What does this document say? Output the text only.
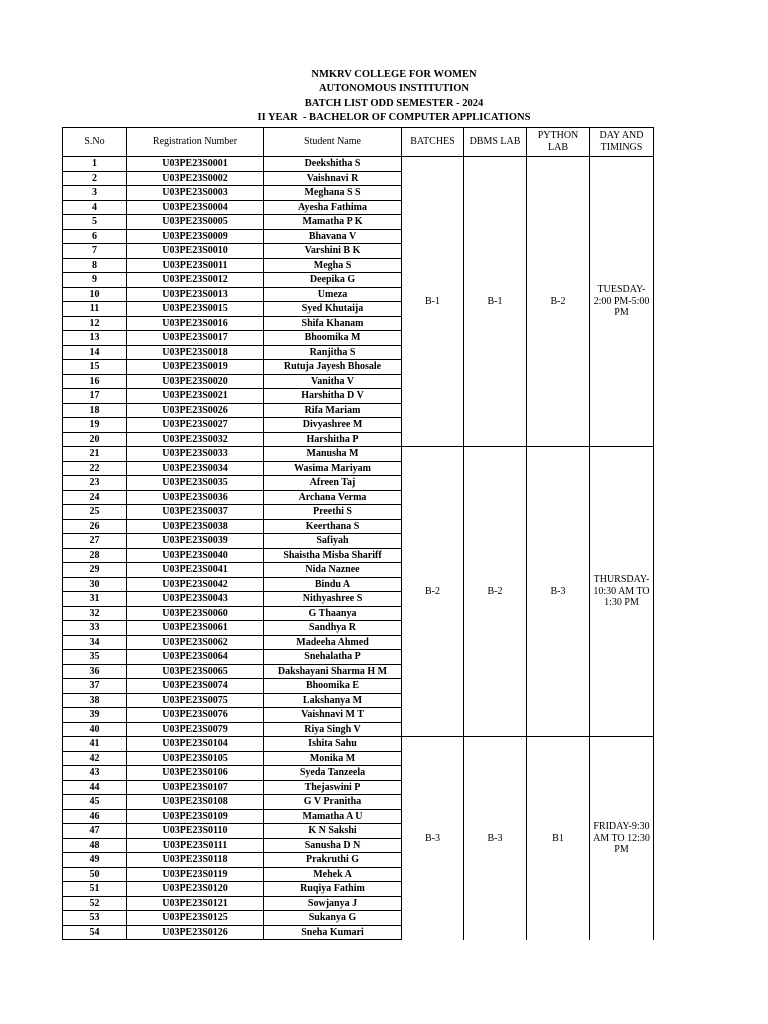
NMKRV COLLEGE FOR WOMEN
AUTONOMOUS INSTITUTION
BATCH LIST ODD SEMESTER - 2024
II YEAR  - BACHELOR OF COMPUTER APPLICATIONS
S.No	Registration Number	Student Name	BATCHES	DBMS LAB	PYTHON LAB	DAY AND TIMINGS
1	U03PE23S0001	Deekshitha S	B-1	B-1	B-2	TUESDAY-2:00 PM-5:00 PM
2	U03PE23S0002	Vaishnavi R				
3	U03PE23S0003	Meghana S S				
4	U03PE23S0004	Ayesha Fathima				
5	U03PE23S0005	Mamatha P K				
6	U03PE23S0009	Bhavana V				
7	U03PE23S0010	Varshini B K				
8	U03PE23S0011	Megha S				
9	U03PE23S0012	Deepika G				
10	U03PE23S0013	Umeza				
11	U03PE23S0015	Syed Khutaija				
12	U03PE23S0016	Shifa Khanam				
13	U03PE23S0017	Bhoomika M				
14	U03PE23S0018	Ranjitha S				
15	U03PE23S0019	Rutuja Jayesh Bhosale				
16	U03PE23S0020	Vanitha V				
17	U03PE23S0021	Harshitha D V				
18	U03PE23S0026	Rifa Mariam				
19	U03PE23S0027	Divyashree M				
20	U03PE23S0032	Harshitha P				
21	U03PE23S0033	Manusha M	B-2	B-2	B-3	THURSDAY-10:30 AM TO 1:30 PM
22	U03PE23S0034	Wasima Mariyam				
23	U03PE23S0035	Afreen Taj				
24	U03PE23S0036	Archana Verma				
25	U03PE23S0037	Preethi S				
26	U03PE23S0038	Keerthana S				
27	U03PE23S0039	Safiyah				
28	U03PE23S0040	Shaistha Misba Shariff				
29	U03PE23S0041	Nida Naznee				
30	U03PE23S0042	Bindu A				
31	U03PE23S0043	Nithyashree S				
32	U03PE23S0060	G Thaanya				
33	U03PE23S0061	Sandhya R				
34	U03PE23S0062	Madeeha Ahmed				
35	U03PE23S0064	Snehalatha P				
36	U03PE23S0065	Dakshayani Sharma H M				
37	U03PE23S0074	Bhoomika E				
38	U03PE23S0075	Lakshanya M				
39	U03PE23S0076	Vaishnavi M T				
40	U03PE23S0079	Riya Singh V				
41	U03PE23S0104	Ishita Sahu	B-3	B-3	B1	FRIDAY-9:30 AM TO 12:30 PM
42	U03PE23S0105	Monika M				
43	U03PE23S0106	Syeda Tanzeela				
44	U03PE23S0107	Thejaswini P				
45	U03PE23S0108	G V Pranitha				
46	U03PE23S0109	Mamatha A U				
47	U03PE23S0110	K N Sakshi				
48	U03PE23S0111	Sanusha D N				
49	U03PE23S0118	Prakruthi G				
50	U03PE23S0119	Mehek A				
51	U03PE23S0120	Ruqiya Fathim				
52	U03PE23S0121	Sowjanya J				
53	U03PE23S0125	Sukanya G				
54	U03PE23S0126	Sneha Kumari				
